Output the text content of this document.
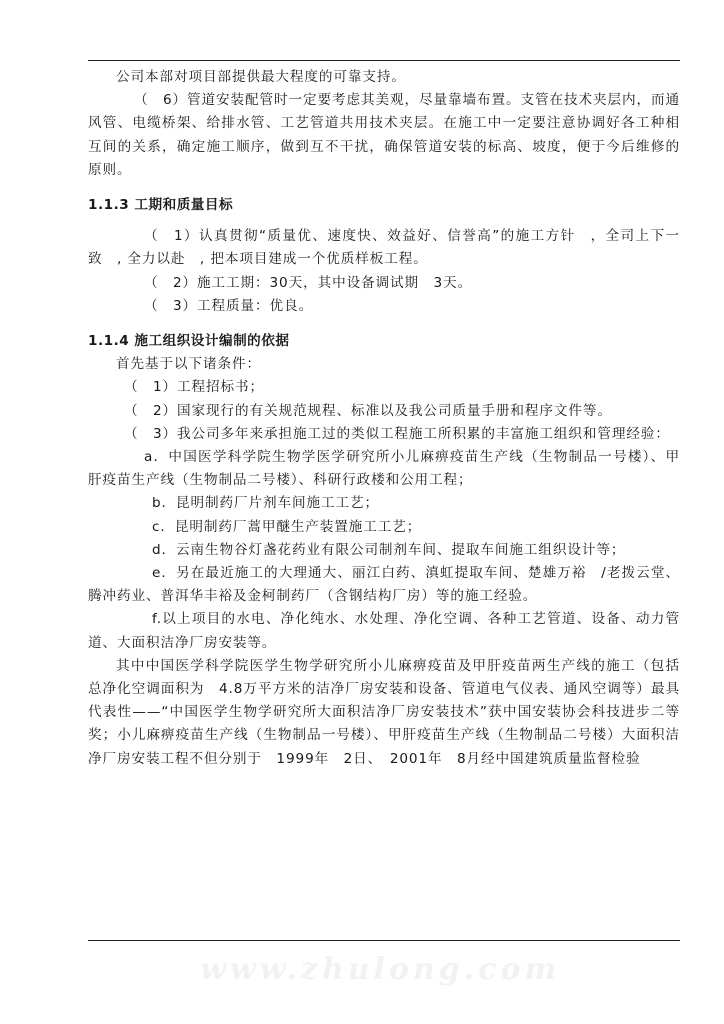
公司本部对项目部提供最大程度的可靠支持。

（　6）管道安装配管时一定要考虑其美观，尽量靠墙布置。支管在技术夹层内，而通风管、电缆桥架、给排水管、工艺管道共用技术夹层。在施工中一定要注意协调好各工种相互间的关系，确定施工顺序，做到互不干扰，确保管道安装的标高、坡度，便于今后维修的原则。

1.1.3 工期和质量目标

（　1）认真贯彻“质量优、速度快、效益好、信誉高”的施工方针　，全司上下一致　, 全力以赴　, 把本项目建成一个优质样板工程。

（　2）施工工期：30天，其中设备调试期　3天。

（　3）工程质量：优良。

1.1.4 施工组织设计编制的依据

首先基于以下诸条件：

（　1）工程招标书；

（　2）国家现行的有关规范规程、标准以及我公司质量手册和程序文件等。

（　3）我公司多年来承担施工过的类似工程施工所积累的丰富施工组织和管理经验：

a．中国医学科学院生物学医学研究所小儿麻痹疫苗生产线（生物制品一号楼）、甲肝疫苗生产线（生物制品二号楼）、科研行政楼和公用工程；

b．昆明制药厂片剂车间施工工艺；

c．昆明制药厂蒿甲醚生产装置施工工艺；

d．云南生物谷灯盏花药业有限公司制剂车间、提取车间施工组织设计等；

e．另在最近施工的大理通大、丽江白药、滇虹提取车间、楚雄万裕　/老拨云堂、腾冲药业、普洱华丰裕及金柯制药厂（含钢结构厂房）等的施工经验。

f.以上项目的水电、净化纯水、水处理、净化空调、各种工艺管道、设备、动力管道、大面积洁净厂房安装等。

其中中国医学科学院医学生物学研究所小儿麻痹疫苗及甲肝疫苗两生产线的施工（包括总净化空调面积为　4.8万平方米的洁净厂房安装和设备、管道电气仪表、通风空调等）最具代表性——“中国医学生物学研究所大面积洁净厂房安装技术”获中国安装协会科技进步二等奖；小儿麻痹疫苗生产线（生物制品一号楼）、甲肝疫苗生产线（生物制品二号楼）大面积洁净厂房安装工程不但分别于　1999年　2日、　2001年　8月经中国建筑质量监督检验

www.zhulong.com
